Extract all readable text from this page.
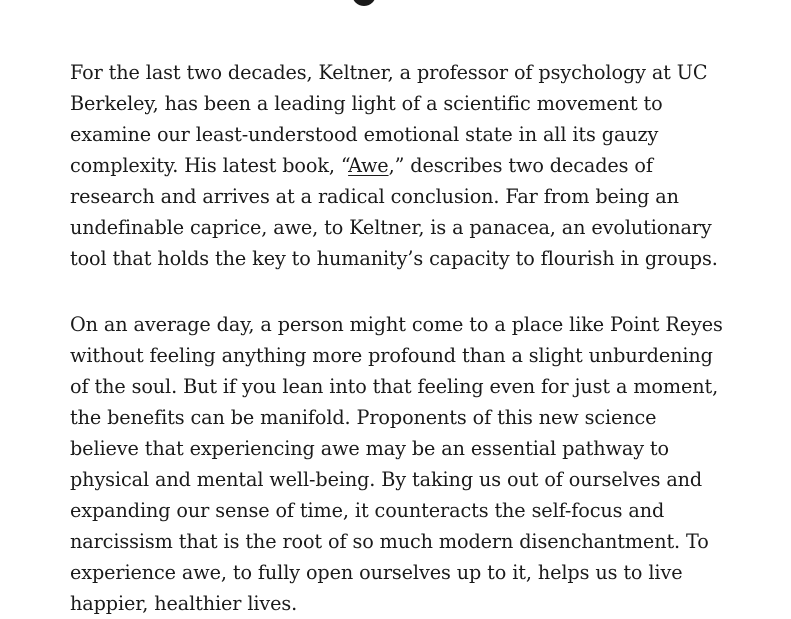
For the last two decades, Keltner, a professor of psychology at UC Berkeley, has been a leading light of a scientific movement to examine our least-understood emotional state in all its gauzy complexity. His latest book, “Awe,” describes two decades of research and arrives at a radical conclusion. Far from being an undefinable caprice, awe, to Keltner, is a panacea, an evolutionary tool that holds the key to humanity’s capacity to flourish in groups.

On an average day, a person might come to a place like Point Reyes without feeling anything more profound than a slight unburdening of the soul. But if you lean into that feeling even for just a moment, the benefits can be manifold. Proponents of this new science believe that experiencing awe may be an essential pathway to physical and mental well-being. By taking us out of ourselves and expanding our sense of time, it counteracts the self-focus and narcissism that is the root of so much modern disenchantment. To experience awe, to fully open ourselves up to it, helps us to live happier, healthier lives.
